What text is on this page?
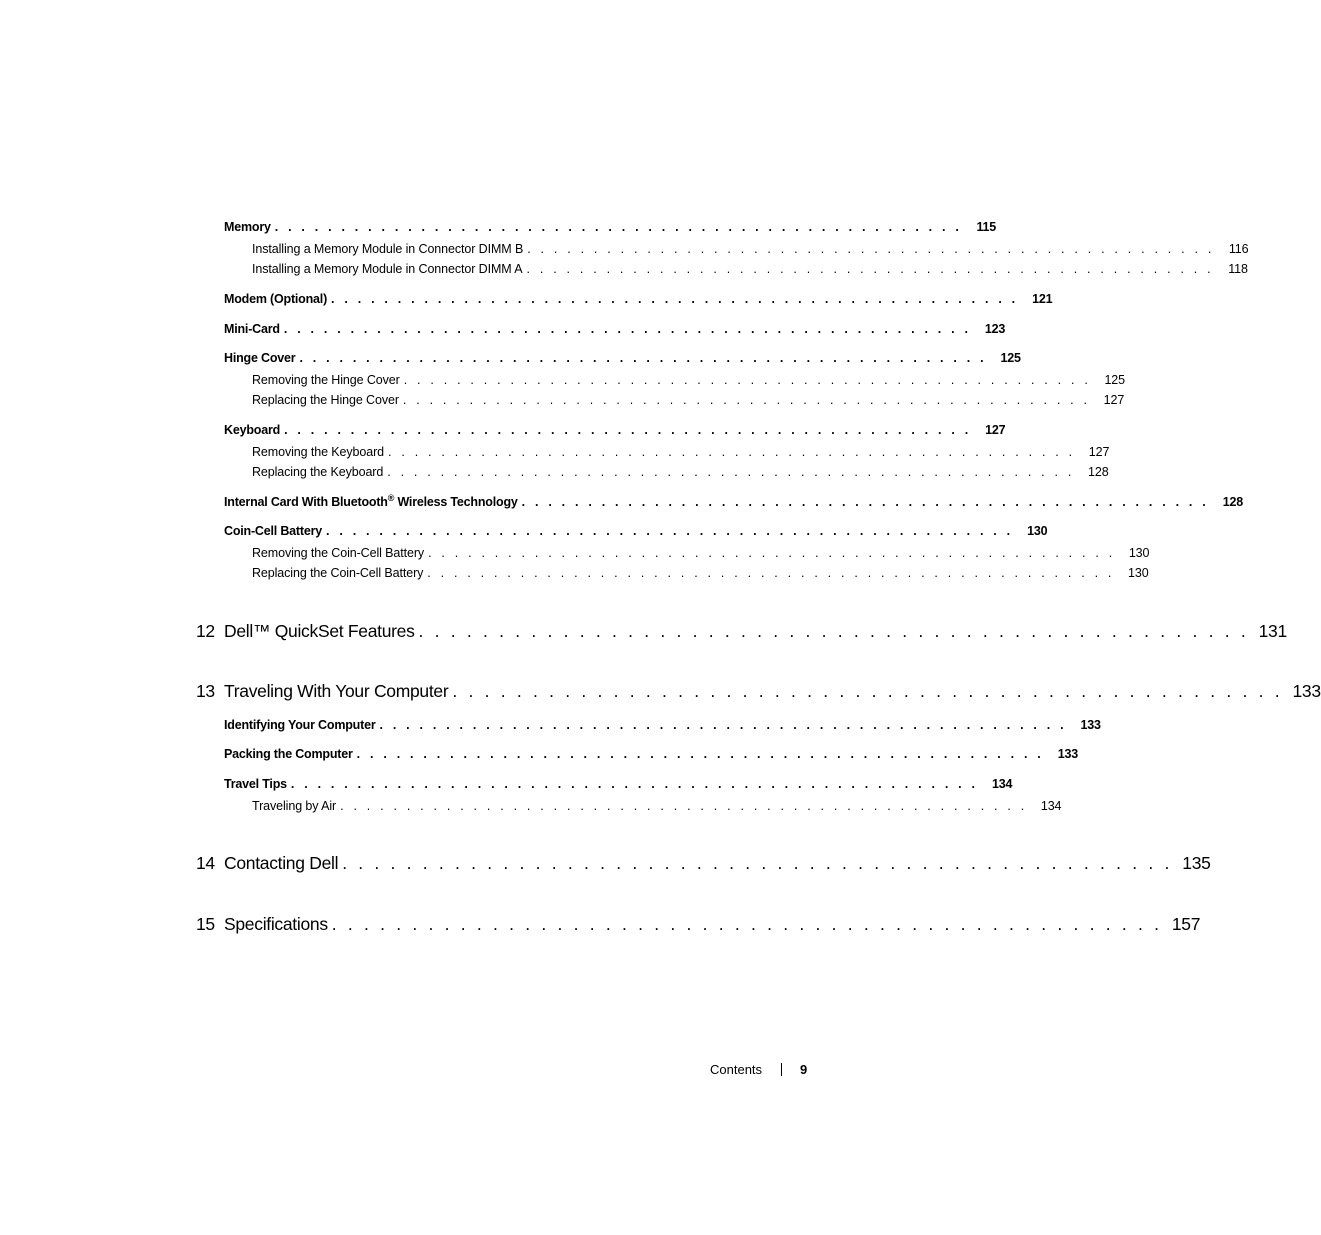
Memory . . . . . . . . . . . . . . . . . . . . . . . . . . . . . . . . . . . . . . . . . . . . . . . . . . . .	115
Installing a Memory Module in Connector DIMM B . . . . . . . . . . . . . . . . . . . . . . . . . . . . . . . . . . . . . . . . . . . . . . . . . . . .	116
Installing a Memory Module in Connector DIMM A . . . . . . . . . . . . . . . . . . . . . . . . . . . . . . . . . . . . . . . . . . . . . . . . . . . .	118
Modem (Optional) . . . . . . . . . . . . . . . . . . . . . . . . . . . . . . . . . . . . . . . . . . . . . . . . . . . .	121
Mini-Card . . . . . . . . . . . . . . . . . . . . . . . . . . . . . . . . . . . . . . . . . . . . . . . . . . . .	123
Hinge Cover . . . . . . . . . . . . . . . . . . . . . . . . . . . . . . . . . . . . . . . . . . . . . . . . . . . .	125
Removing the Hinge Cover . . . . . . . . . . . . . . . . . . . . . . . . . . . . . . . . . . . . . . . . . . . . . . . . . . . .	125
Replacing the Hinge Cover . . . . . . . . . . . . . . . . . . . . . . . . . . . . . . . . . . . . . . . . . . . . . . . . . . . .	127
Keyboard . . . . . . . . . . . . . . . . . . . . . . . . . . . . . . . . . . . . . . . . . . . . . . . . . . . .	127
Removing the Keyboard . . . . . . . . . . . . . . . . . . . . . . . . . . . . . . . . . . . . . . . . . . . . . . . . . . . .	127
Replacing the Keyboard . . . . . . . . . . . . . . . . . . . . . . . . . . . . . . . . . . . . . . . . . . . . . . . . . . . .	128
Internal Card With Bluetooth® Wireless Technology . . . . . . . . . . . . . . . . . . . . . . . . . . . . . . . . . . . . . . . . . . . . . . . . . . . .	128
Coin-Cell Battery . . . . . . . . . . . . . . . . . . . . . . . . . . . . . . . . . . . . . . . . . . . . . . . . . . . .	130
Removing the Coin-Cell Battery . . . . . . . . . . . . . . . . . . . . . . . . . . . . . . . . . . . . . . . . . . . . . . . . . . . .	130
Replacing the Coin-Cell Battery . . . . . . . . . . . . . . . . . . . . . . . . . . . . . . . . . . . . . . . . . . . . . . . . . . . .	130
12 Dell™ QuickSet Features . . . . . . . . . . . . . . . . . . . . . . . . . . . . . . . . . . . . . . . . . . . . . . . . . . . . 131
13 Traveling With Your Computer . . . . . . . . . . . . . . . . . . . . . . . . . . . . . . . . . . . . . . . . . . . . . . . . . . . . 133
Identifying Your Computer . . . . . . . . . . . . . . . . . . . . . . . . . . . . . . . . . . . . . . . . . . . . . . . . . . . .	133
Packing the Computer . . . . . . . . . . . . . . . . . . . . . . . . . . . . . . . . . . . . . . . . . . . . . . . . . . . .	133
Travel Tips . . . . . . . . . . . . . . . . . . . . . . . . . . . . . . . . . . . . . . . . . . . . . . . . . . . .	134
Traveling by Air . . . . . . . . . . . . . . . . . . . . . . . . . . . . . . . . . . . . . . . . . . . . . . . . . . . .	134
14 Contacting Dell . . . . . . . . . . . . . . . . . . . . . . . . . . . . . . . . . . . . . . . . . . . . . . . . . . . . 135
15 Specifications . . . . . . . . . . . . . . . . . . . . . . . . . . . . . . . . . . . . . . . . . . . . . . . . . . . . 157
Contents	9
